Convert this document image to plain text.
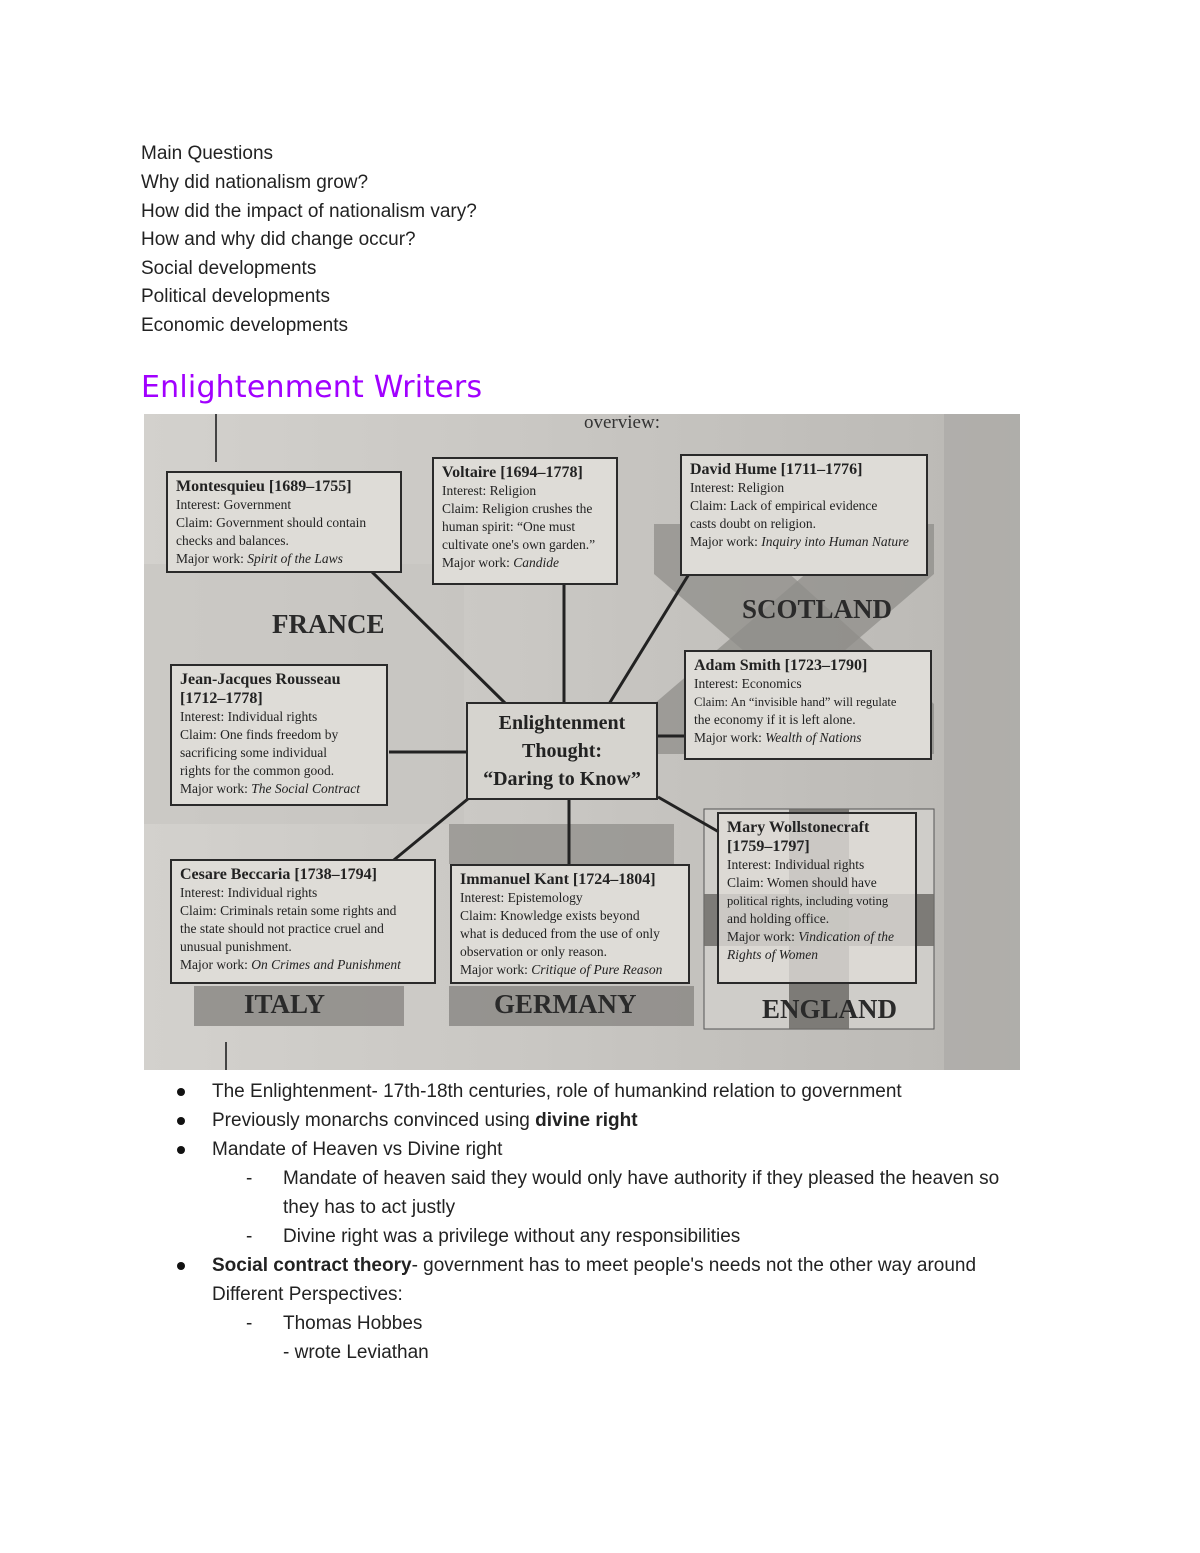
Main Questions
Why did nationalism grow?
How did the impact of nationalism vary?
How and why did change occur?
Social developments
Political developments
Economic developments
Enlightenment Writers
overview:
Montesquieu [1689–1755]
Interest: Government
Claim: Government should contain
checks and balances.
Major work: Spirit of the Laws
Voltaire [1694–1778]
Interest: Religion
Claim: Religion crushes the
human spirit: “One must
cultivate one's own garden.”
Major work: Candide
David Hume [1711–1776]
Interest: Religion
Claim: Lack of empirical evidence
casts doubt on religion.
Major work: Inquiry into Human Nature
FRANCE	SCOTLAND
Jean-Jacques Rousseau
[1712–1778]
Interest: Individual rights
Claim: One finds freedom by
sacrificing some individual
rights for the common good.
Major work: The Social Contract
Enlightenment
Thought:
“Daring to Know”
Adam Smith [1723–1790]
Interest: Economics
Claim: An “invisible hand” will regulate
the economy if it is left alone.
Major work: Wealth of Nations
Cesare Beccaria [1738–1794]
Interest: Individual rights
Claim: Criminals retain some rights and
the state should not practice cruel and
unusual punishment.
Major work: On Crimes and Punishment
Immanuel Kant [1724–1804]
Interest: Epistemology
Claim: Knowledge exists beyond
what is deduced from the use of only
observation or only reason.
Major work: Critique of Pure Reason
Mary Wollstonecraft
[1759–1797]
Interest: Individual rights
Claim: Women should have
political rights, including voting
and holding office.
Major work: Vindication of the
Rights of Women
ITALY	GERMANY	ENGLAND
The Enlightenment- 17th-18th centuries, role of humankind relation to government
Previously monarchs convinced using divine right
Mandate of Heaven vs Divine right
- Mandate of heaven said they would only have authority if they pleased the heaven so they has to act justly
- Divine right was a privilege without any responsibilities
Social contract theory- government has to meet people's needs not the other way around
Different Perspectives:
- Thomas Hobbes
- wrote Leviathan
